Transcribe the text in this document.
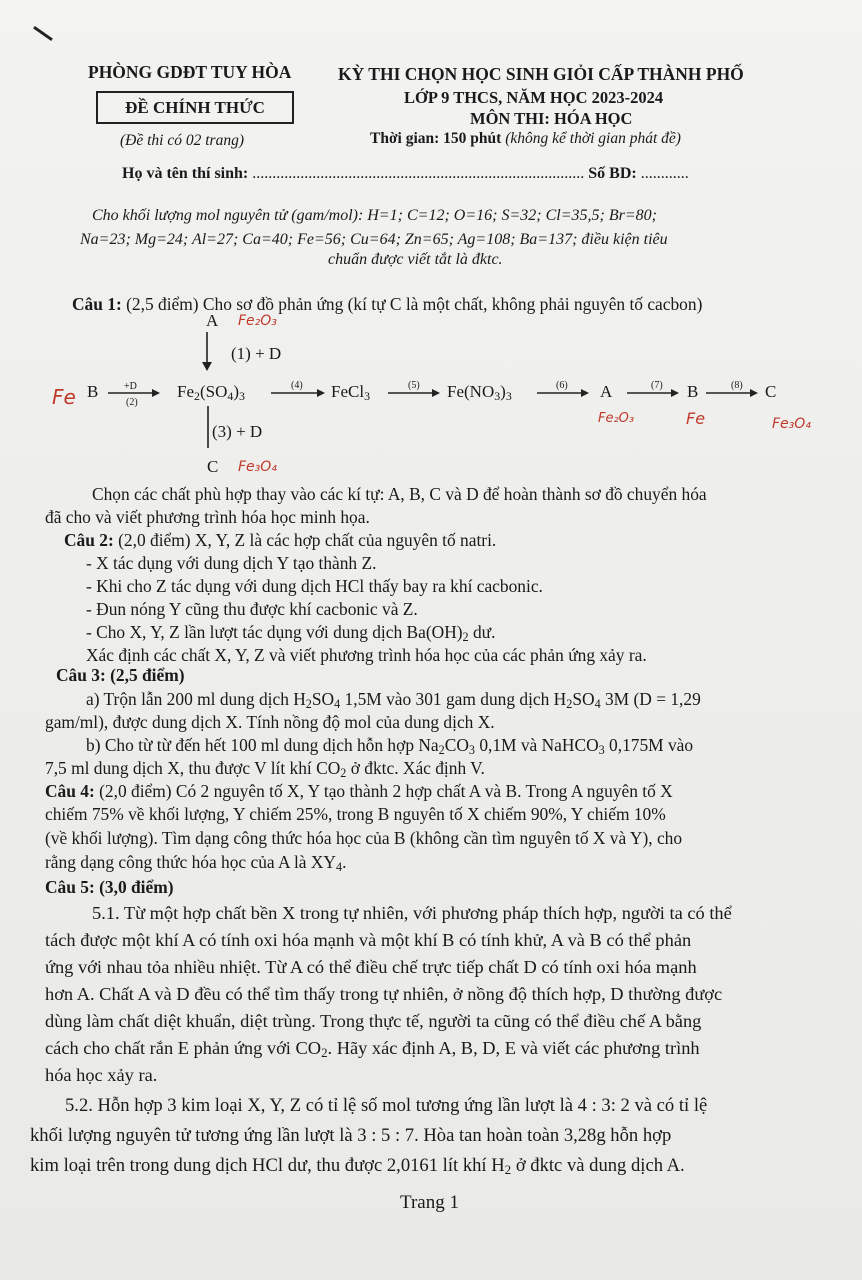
PHÒNG GDĐT TUY HÒA
ĐỀ CHÍNH THỨC
(Đề thi có 02 trang)
KỲ THI CHỌN HỌC SINH GIỎI CẤP THÀNH PHỐ
LỚP 9 THCS, NĂM HỌC 2023-2024
MÔN THI: HÓA HỌC
Thời gian: 150 phút (không kể thời gian phát đề)
Họ và tên thí sinh: ................................................................................... Số BD: ............
Cho khối lượng mol nguyên tử (gam/mol): H=1; C=12; O=16; S=32; Cl=35,5; Br=80;
Na=23; Mg=24; Al=27; Ca=40; Fe=56; Cu=64; Zn=65; Ag=108; Ba=137; điều kiện tiêu
chuẩn được viết tắt là đktc.
Câu 1: (2,5 điểm) Cho sơ đồ phản ứng (kí tự C là một chất, không phải nguyên tố cacbon)
A Fe₂O₃
(1) + D
Fe B	+D
(2)
$Fe_2(SO_4)_3$
(4) FeCl$_3$
(5) $Fe(NO_3)_3$
(6) A	(7) B	(8) C
Fe₂O₃	Fe	Fe₃O₄
(3) + D
C Fe₃O₄
Chọn các chất phù hợp thay vào các kí tự: A, B, C và D để hoàn thành sơ đồ chuyển hóa
đã cho và viết phương trình hóa học minh họa.
Câu 2: (2,0 điểm) X, Y, Z là các hợp chất của nguyên tố natri.
- X tác dụng với dung dịch Y tạo thành Z.
- Khi cho Z tác dụng với dung dịch HCl thấy bay ra khí cacbonic.
- Đun nóng Y cũng thu được khí cacbonic và Z.
- Cho X, Y, Z lần lượt tác dụng với dung dịch $Ba(OH)_2$ dư.
Xác định các chất X, Y, Z và viết phương trình hóa học của các phản ứng xảy ra.
Câu 3: (2,5 điểm)
a) Trộn lẫn 200 ml dung dịch $H_2SO_4$ 1,5M vào 301 gam dung dịch $H_2SO_4$ 3M (D = 1,29
gam/ml), được dung dịch X. Tính nồng độ mol của dung dịch X.
b) Cho từ từ đến hết 100 ml dung dịch hỗn hợp $Na_2CO_3$ 0,1M và NaHCO$_3$ 0,175M vào
7,5 ml dung dịch X, thu được V lít khí $CO_2$ ở đktc. Xác định V.
Câu 4: (2,0 điểm) Có 2 nguyên tố X, Y tạo thành 2 hợp chất A và B. Trong A nguyên tố X
chiếm 75% về khối lượng, Y chiếm 25%, trong B nguyên tố X chiếm 90%, Y chiếm 10%
(về khối lượng). Tìm dạng công thức hóa học của B (không cần tìm nguyên tố X và Y), cho
rằng dạng công thức hóa học của A là $XY_4$.
Câu 5: (3,0 điểm)
5.1. Từ một hợp chất bền X trong tự nhiên, với phương pháp thích hợp, người ta có thể
tách được một khí A có tính oxi hóa mạnh và một khí B có tính khử, A và B có thể phản
ứng với nhau tỏa nhiều nhiệt. Từ A có thể điều chế trực tiếp chất D có tính oxi hóa mạnh
hơn A. Chất A và D đều có thể tìm thấy trong tự nhiên, ở nồng độ thích hợp, D thường được
dùng làm chất diệt khuẩn, diệt trùng. Trong thực tế, người ta cũng có thể điều chế A bằng
cách cho chất rắn E phản ứng với $CO_2$. Hãy xác định A, B, D, E và viết các phương trình
hóa học xảy ra.
5.2. Hỗn hợp 3 kim loại X, Y, Z có tỉ lệ số mol tương ứng lần lượt là 4 : 3: 2 và có tỉ lệ
khối lượng nguyên tử tương ứng lần lượt là 3 : 5 : 7. Hòa tan hoàn toàn 3,28g hỗn hợp
kim loại trên trong dung dịch HCl dư, thu được 2,0161 lít khí $H_2$ ở đktc và dung dịch A.
Trang 1
